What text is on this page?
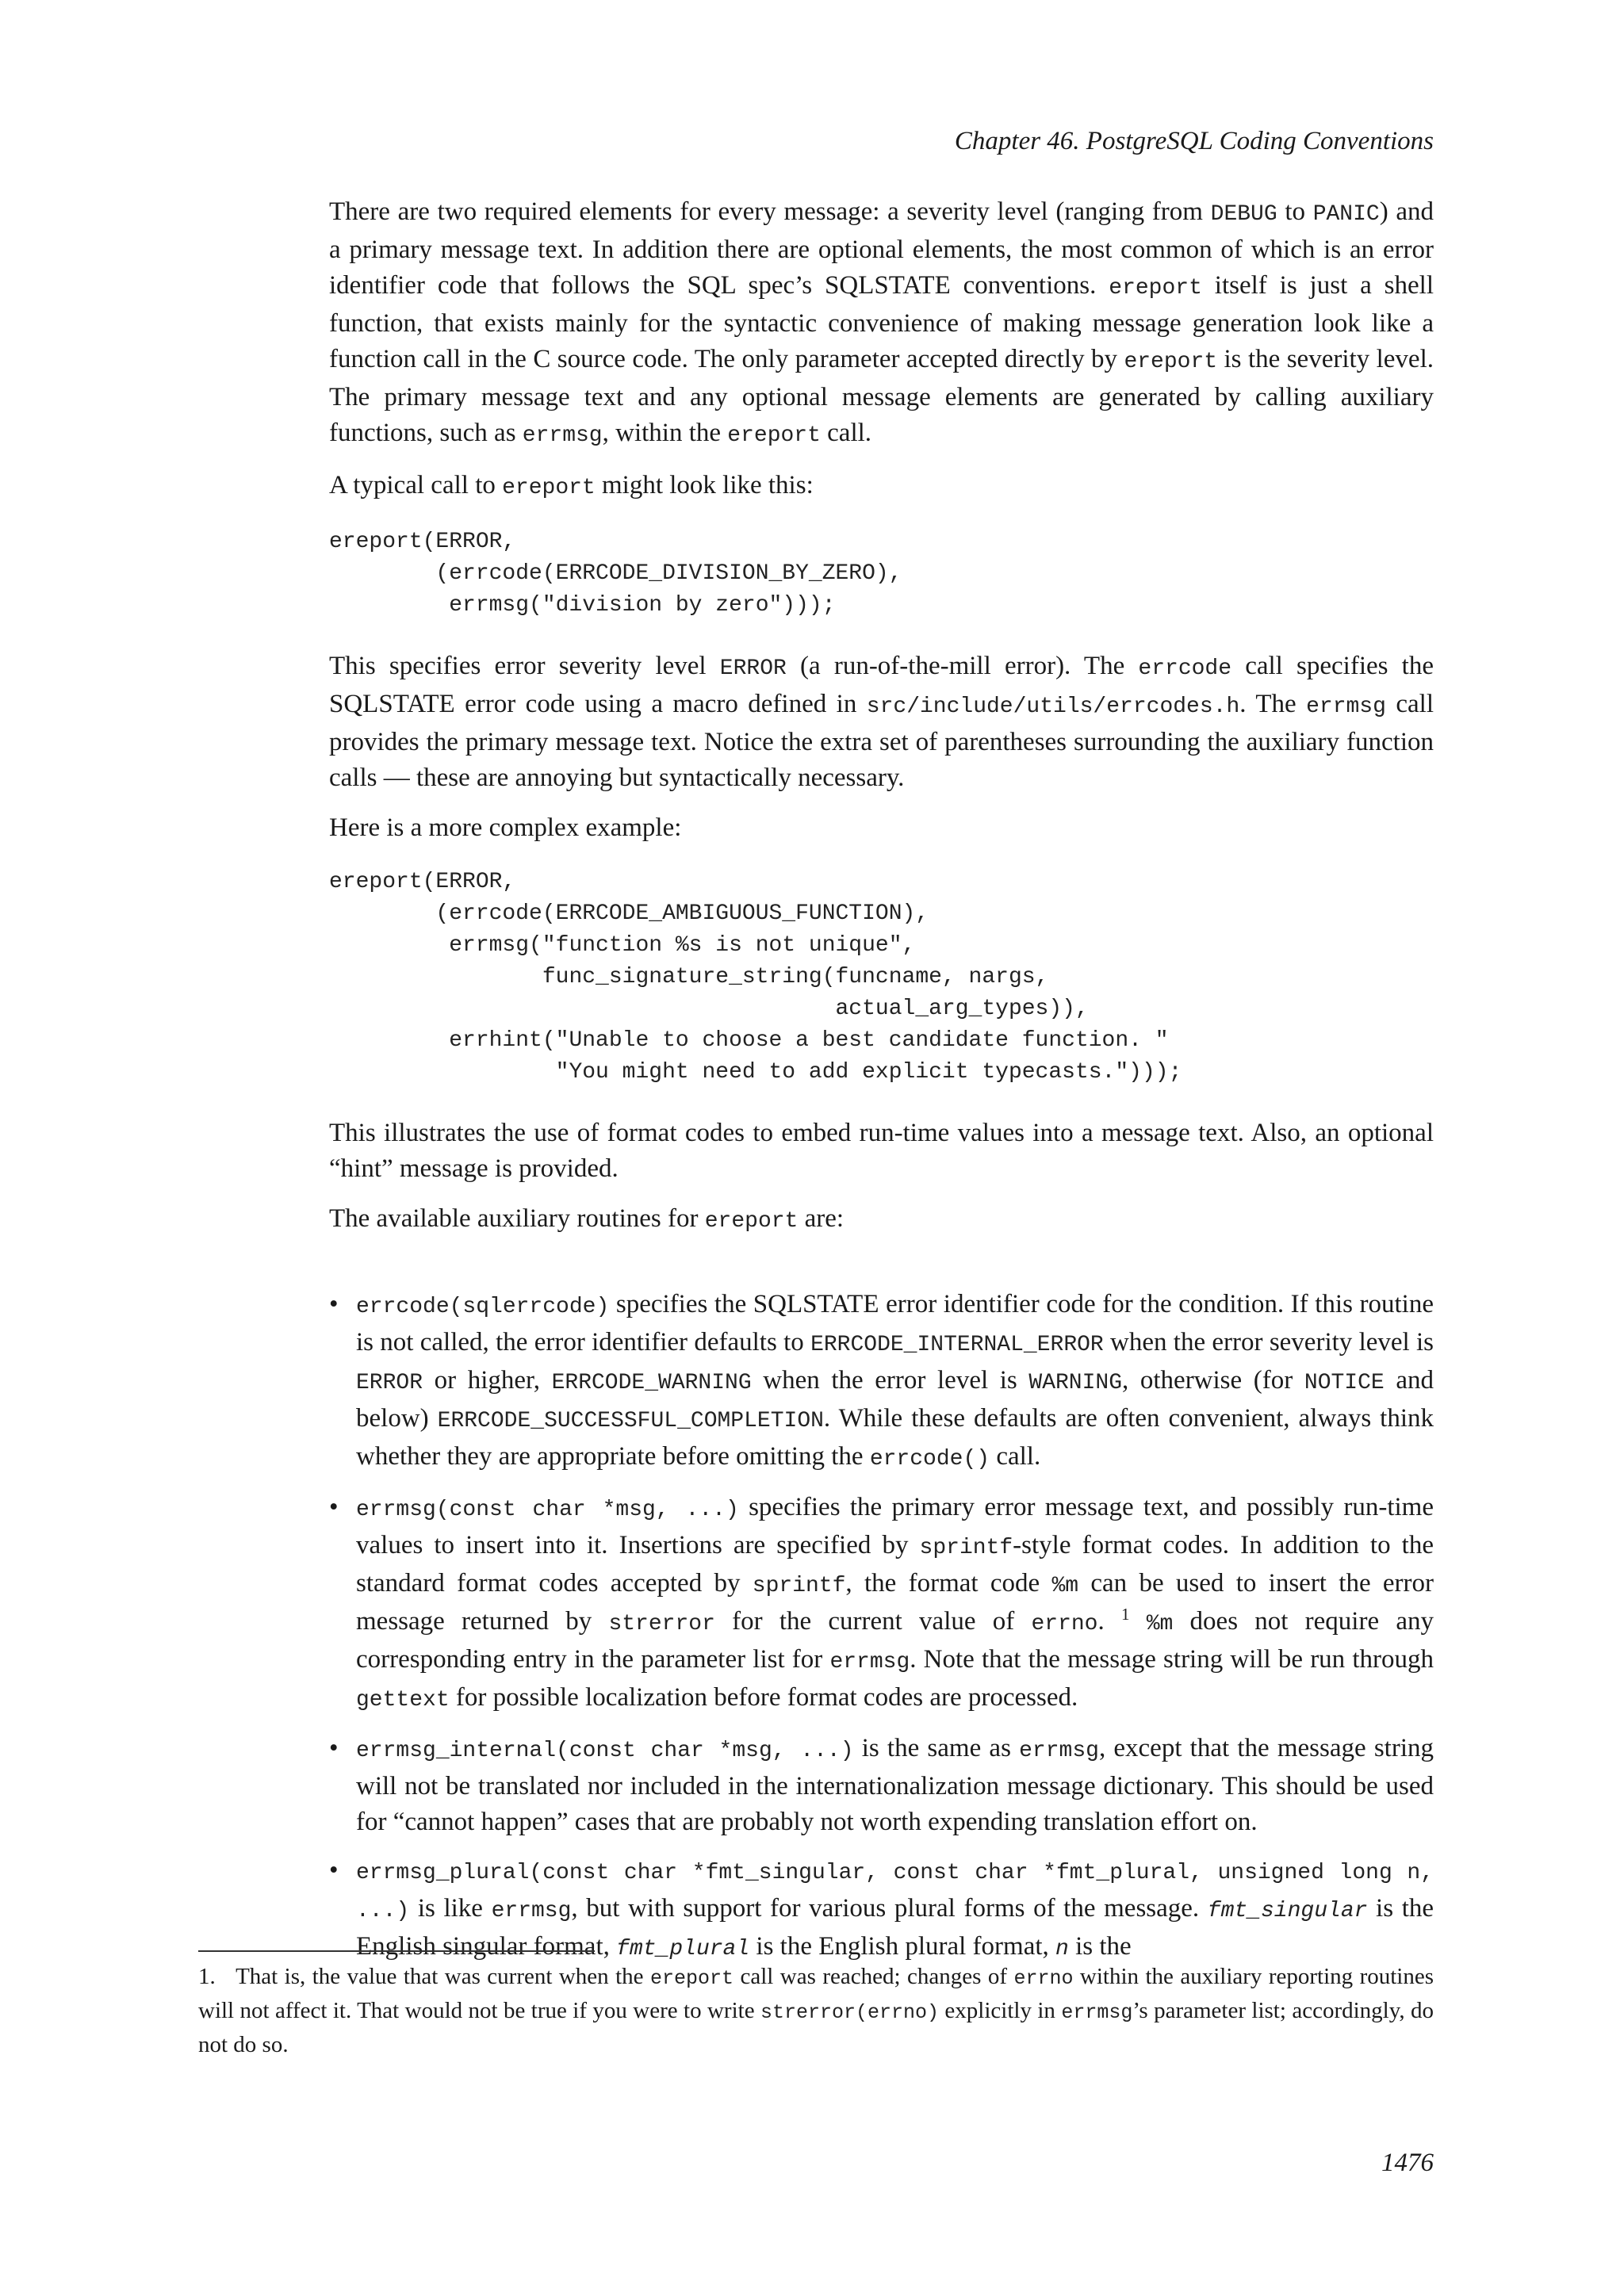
Chapter 46. PostgreSQL Coding Conventions

There are two required elements for every message: a severity level (ranging from DEBUG to PANIC) and a primary message text. In addition there are optional elements, the most common of which is an error identifier code that follows the SQL spec’s SQLSTATE conventions. ereport itself is just a shell function, that exists mainly for the syntactic convenience of making message generation look like a function call in the C source code. The only parameter accepted directly by ereport is the severity level. The primary message text and any optional message elements are generated by calling auxiliary functions, such as errmsg, within the ereport call.

A typical call to ereport might look like this:

ereport(ERROR,
(errcode(ERRCODE_DIVISION_BY_ZERO),
errmsg("division by zero")));

This specifies error severity level ERROR (a run-of-the-mill error). The errcode call specifies the SQLSTATE error code using a macro defined in src/include/utils/errcodes.h. The errmsg call provides the primary message text. Notice the extra set of parentheses surrounding the auxiliary function calls — these are annoying but syntactically necessary.

Here is a more complex example:

ereport(ERROR,
(errcode(ERRCODE_AMBIGUOUS_FUNCTION),
errmsg("function %s is not unique",
func_signature_string(funcname, nargs,
actual_arg_types)),
errhint("Unable to choose a best candidate function. "
"You might need to add explicit typecasts.")));

This illustrates the use of format codes to embed run-time values into a message text. Also, an optional “hint” message is provided.

The available auxiliary routines for ereport are:

• errcode(sqlerrcode) specifies the SQLSTATE error identifier code for the condition. If this routine is not called, the error identifier defaults to ERRCODE_INTERNAL_ERROR when the error severity level is ERROR or higher, ERRCODE_WARNING when the error level is WARNING, otherwise (for NOTICE and below) ERRCODE_SUCCESSFUL_COMPLETION. While these defaults are often convenient, always think whether they are appropriate before omitting the errcode() call.
• errmsg(const char *msg, ...) specifies the primary error message text, and possibly run-time values to insert into it. Insertions are specified by sprintf-style format codes. In addition to the standard format codes accepted by sprintf, the format code %m can be used to insert the error message returned by strerror for the current value of errno. $^1$ %m does not require any corresponding entry in the parameter list for errmsg. Note that the message string will be run through gettext for possible localization before format codes are processed.
• errmsg_internal(const char *msg, ...) is the same as errmsg, except that the message string will not be translated nor included in the internationalization message dictionary. This should be used for “cannot happen” cases that are probably not worth expending translation effort on.
• errmsg_plural(const char *fmt_singular, const char *fmt_plural, unsigned long n, ...) is like errmsg, but with support for various plural forms of the message. fmt_singular is the English singular format, fmt_plural is the English plural format, n is the
1. That is, the value that was current when the ereport call was reached; changes of errno within the auxiliary reporting routines will not affect it. That would not be true if you were to write strerror(errno) explicitly in errmsg’s parameter list; accordingly, do not do so.
1476
